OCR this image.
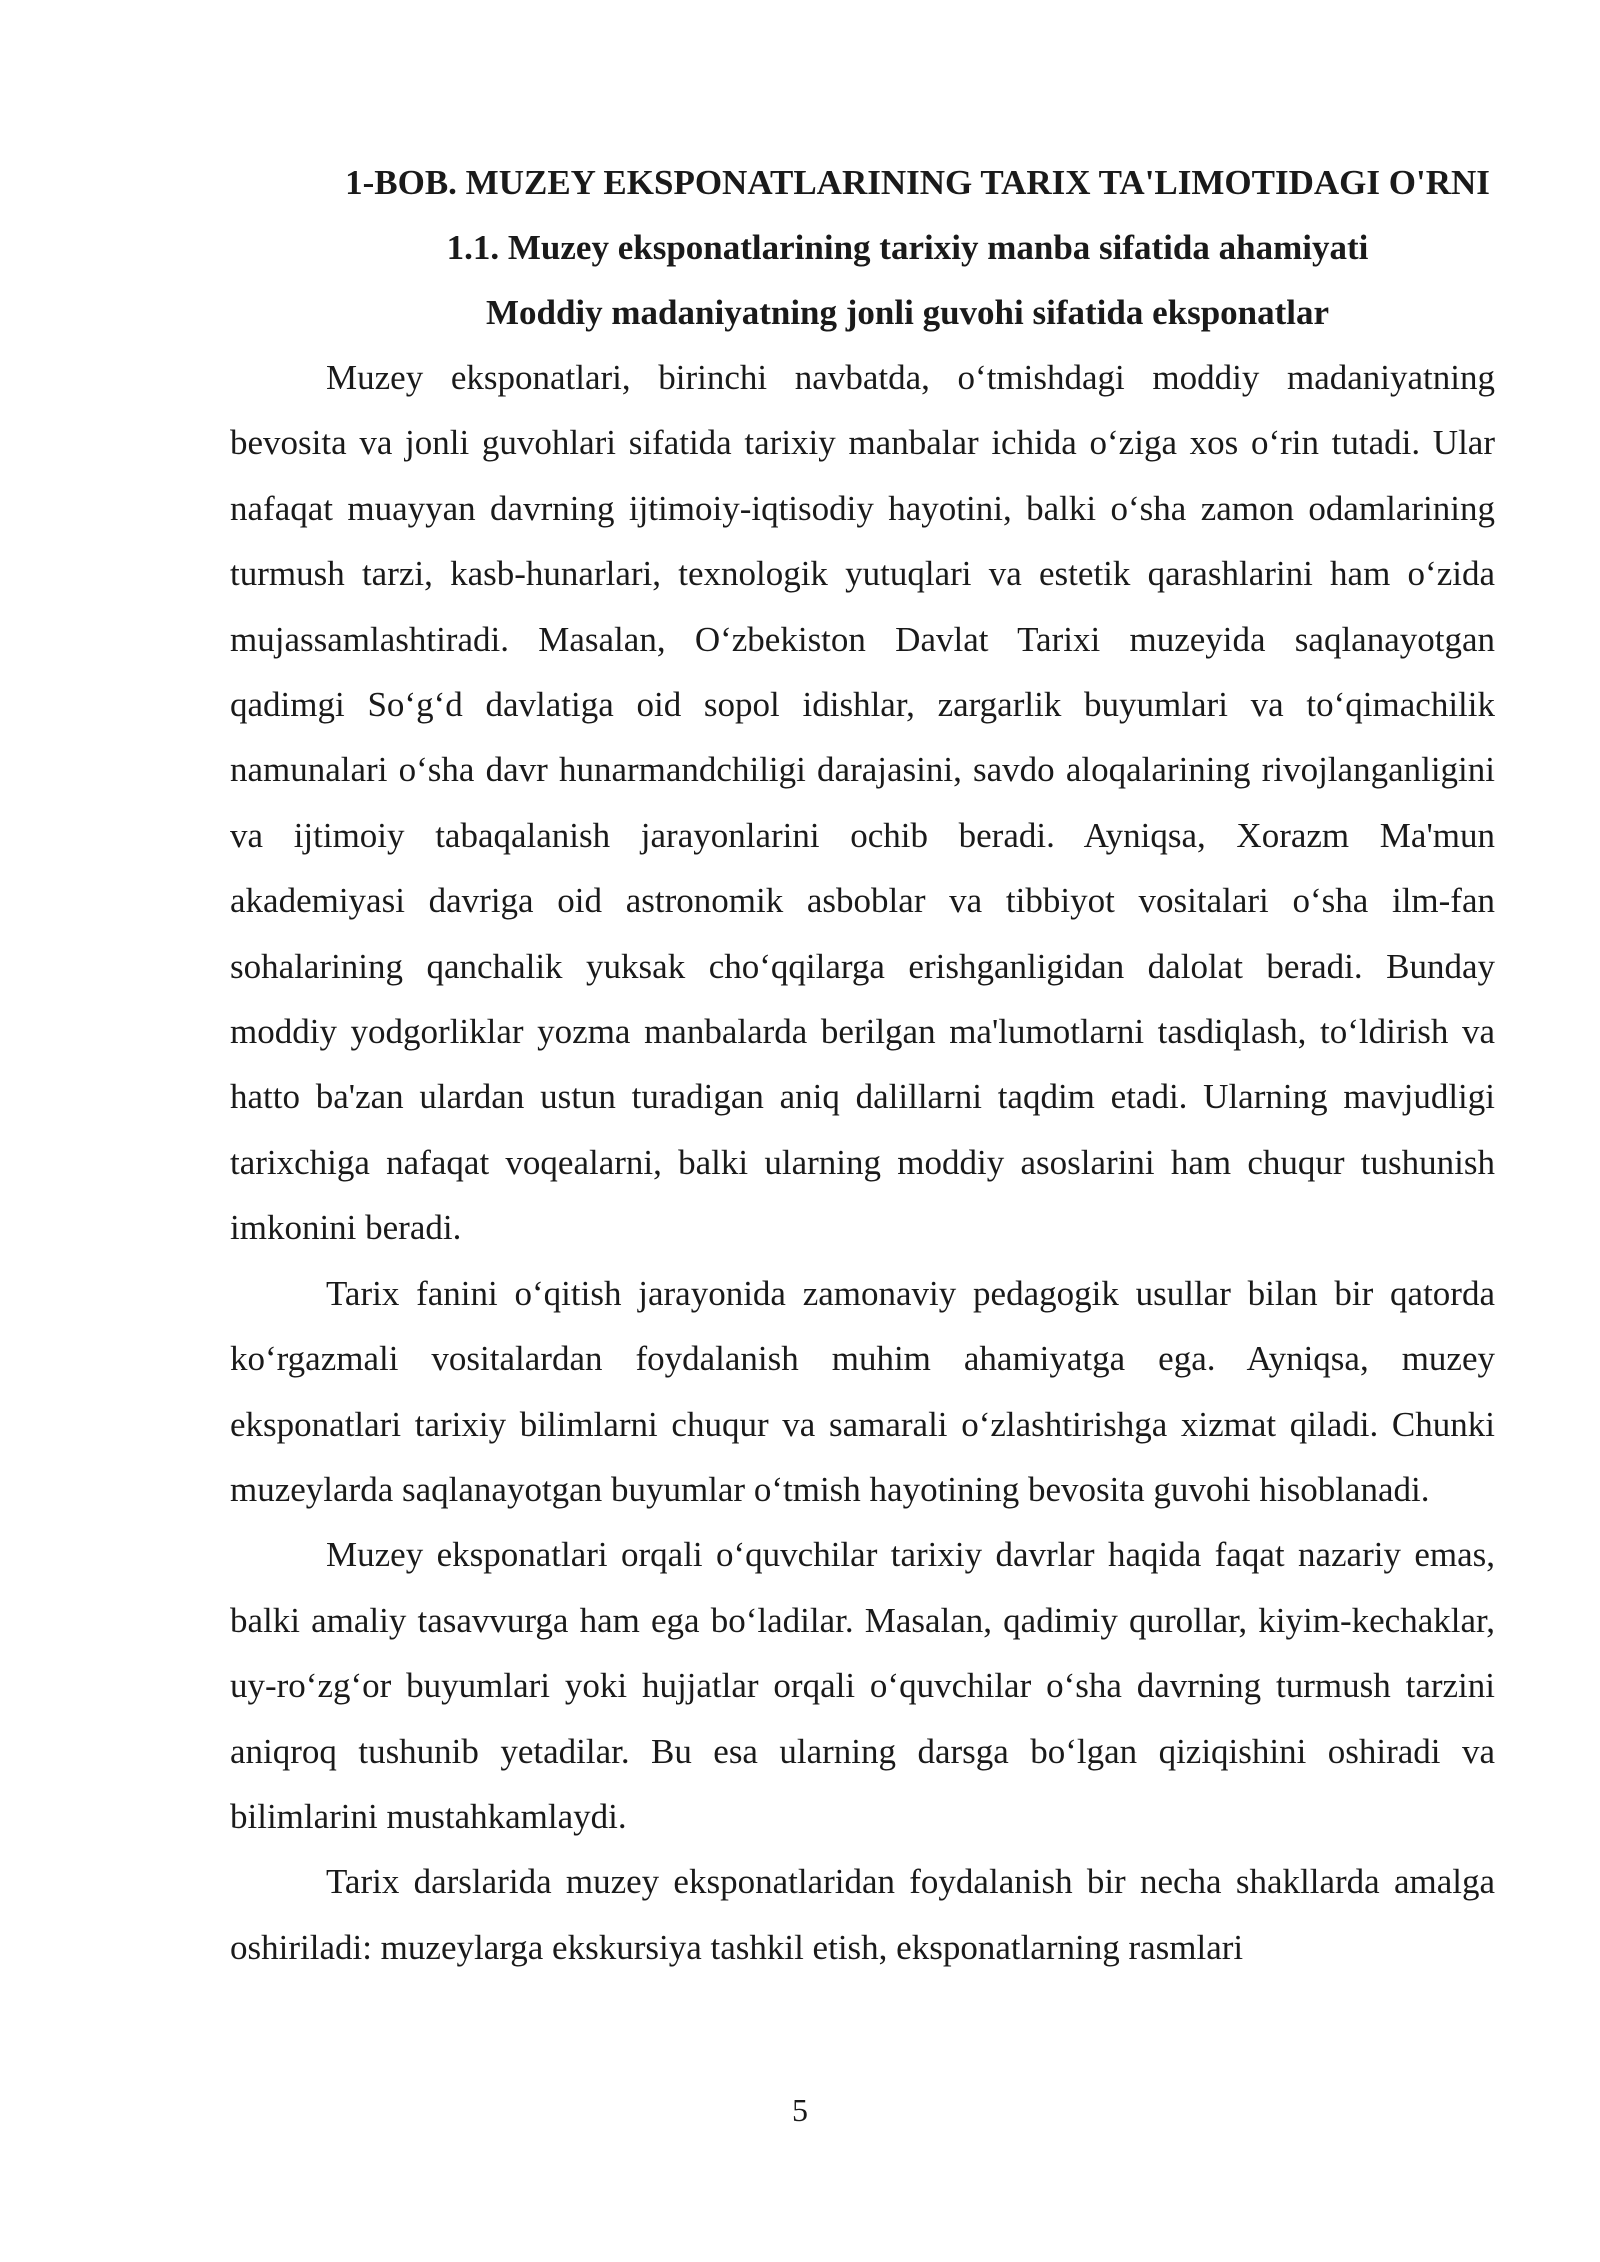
1-BOB. MUZEY EKSPONATLARINING TARIX TA'LIMOTIDAGI O'RNI
1.1. Muzey eksponatlarining tarixiy manba sifatida ahamiyati
Moddiy madaniyatning jonli guvohi sifatida eksponatlar

Muzey eksponatlari, birinchi navbatda, o‘tmishdagi moddiy madaniyatning bevosita va jonli guvohlari sifatida tarixiy manbalar ichida o‘ziga xos o‘rin tutadi. Ular nafaqat muayyan davrning ijtimoiy-iqtisodiy hayotini, balki o‘sha zamon odamlarining turmush tarzi, kasb-hunarlari, texnologik yutuqlari va estetik qarashlarini ham o‘zida mujassamlashtiradi. Masalan, O‘zbekiston Davlat Tarixi muzeyida saqlanayotgan qadimgi So‘g‘d davlatiga oid sopol idishlar, zargarlik buyumlari va to‘qimachilik namunalari o‘sha davr hunarmandchiligi darajasini, savdo aloqalarining rivojlanganligini va ijtimoiy tabaqalanish jarayonlarini ochib beradi. Ayniqsa, Xorazm Ma'mun akademiyasi davriga oid astronomik asboblar va tibbiyot vositalari o‘sha ilm-fan sohalarining qanchalik yuksak cho‘qqilarga erishganligidan dalolat beradi. Bunday moddiy yodgorliklar yozma manbalarda berilgan ma'lumotlarni tasdiqlash, to‘ldirish va hatto ba'zan ulardan ustun turadigan aniq dalillarni taqdim etadi. Ularning mavjudligi tarixchiga nafaqat voqealarni, balki ularning moddiy asoslarini ham chuqur tushunish imkonini beradi.

Tarix fanini o‘qitish jarayonida zamonaviy pedagogik usullar bilan bir qatorda ko‘rgazmali vositalardan foydalanish muhim ahamiyatga ega. Ayniqsa, muzey eksponatlari tarixiy bilimlarni chuqur va samarali o‘zlashtirishga xizmat qiladi. Chunki muzeylarda saqlanayotgan buyumlar o‘tmish hayotining bevosita guvohi hisoblanadi.

Muzey eksponatlari orqali o‘quvchilar tarixiy davrlar haqida faqat nazariy emas, balki amaliy tasavvurga ham ega bo‘ladilar. Masalan, qadimiy qurollar, kiyim-kechaklar, uy-ro‘zg‘or buyumlari yoki hujjatlar orqali o‘quvchilar o‘sha davrning turmush tarzini aniqroq tushunib yetadilar. Bu esa ularning darsga bo‘lgan qiziqishini oshiradi va bilimlarini mustahkamlaydi.

Tarix darslarida muzey eksponatlaridan foydalanish bir necha shakllarda amalga oshiriladi: muzeylarga ekskursiya tashkil etish, eksponatlarning rasmlari

5
